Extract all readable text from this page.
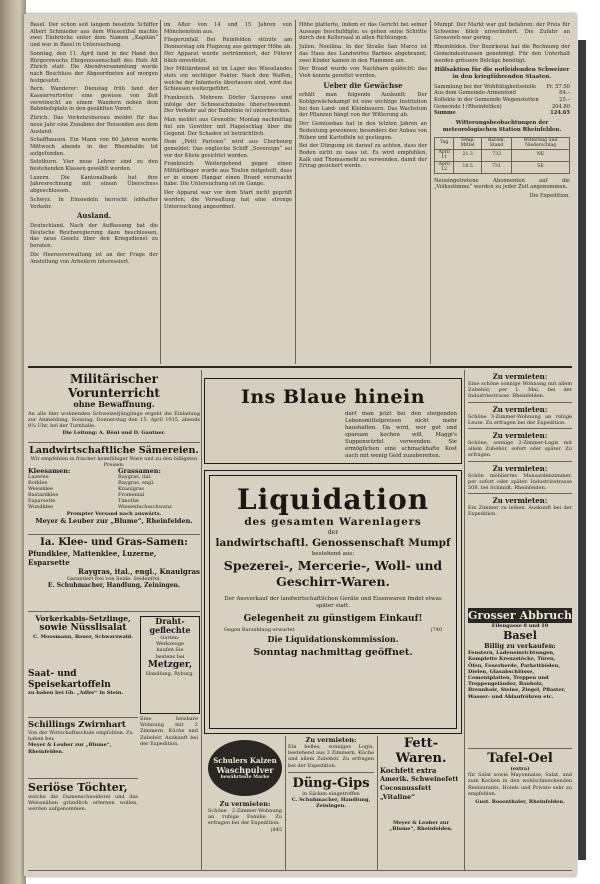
Basel. Der schon seit langem besetzte Schiffer Albert Schmieder aus dem Wiesenthal machte zwei Einbrüche unter dem Namen „Kapitän“ und war in Basel in Untersuchung.

Sonntag, den 11. April fand in der Hand des Bürgerzwuchs Ehrgenossenschaft des Hofs Alt Zürich statt. Die Abendversammlung wurde nach Beschluss der Abgeordneten auf morgen festgesetzt.

Bern. Wanderer: Dienstag früh fand der Kassiervertreter eine gewisse von Zeit verwünscht an einem Wandern neben dem Bahnhofsplatz in den gezählten Vorort.

Zürich. Das Verkehrsbureau meldet für das neue Jahr eine Zunahme der Reisenden aus dem Ausland.

Schaffhausen. Ein Mann von 60 Jahren wurde Mittwoch abends in der Rheinhalde tot aufgefunden.

Solothurn. Vier neue Lehrer sind zu den bestehenden Klassen gewählt worden.

Luzern. Die Kantonalbank hat ihre Jahresrechnung mit einem Überschuss abgeschlossen.

Schwyz. In Einsiedeln herrscht lebhafter Verkehr.

Ausland.

Deutschland. Nach der Auffassung hat die Deutsche Reichsregierung dazu beschlossen, das neue Gesetz über den Kriegsdienst zu beraten.

Die Heeresverwaltung ist an der Frage der Anstellung von Arbeitern interessiert.

im Alter von 14 und 15 Jahren von Mönchenstein aus.

Fliegerunfall. Bei Reinfelden stürzte am Donnerstag ein Flugzeug aus geringer Höhe ab. Der Apparat wurde zertrümmert, der Führer blieb unverletzt.

Der Militärdienst ist im Lager des Wieselandes stets ein wichtiger Faktor. Nach den Waffen, welche der Infanterie überlassen sind, wird das Schiessen weitergeführt.

Frankreich. Mehrere Dörfer Savoyens sind infolge der Schneeschmelze überschwemmt. Der Verkehr auf der Bahnlinie ist unterbrochen.

Man meldet aus Grenoble: Montag nachmittag fiel ein Gewitter mit Hagelschlag über die Gegend. Der Schaden ist beträchtlich.

Dem „Petit Parisien“ wird aus Cherbourg gemeldet: Das englische Schiff „Sovereign“ sei vor der Küste gesichtet worden.

Frankreich. Weitergehend gegen einen Militärflieger wurde aus Toulon mitgeteilt, dass er in einem Hangar einen Brand verursacht habe. Die Untersuchung ist im Gange.

Der Apparat war vor dem Start nicht geprüft worden; die Verwaltung hat eine strenge Untersuchung angeordnet.

Höhe platterte, indem er das Gericht bei seiner Aussage beschuldigte; es gehen seine Schritte durch den Kellersaal in allen Richtungen.

Julien. Noellina. In der Straße San Marco ist das Haus des Landwirtes Barbeis abgebrannt; zwei Kinder kamen in den Flammen um.

Der Brand wurde von Nachbarn gelöscht; das Vieh konnte gerettet werden.

Ueber die Gewächse

erhält man folgende Auskunft: Der Kohlgewächskampf ist eine wichtige Institution bei den Land- und Kleinbauern. Das Wachstum der Pflanzen hängt von der Witterung ab.

Der Gemüsebau hat in den letzten Jahren an Bedeutung gewonnen; besonders der Anbau von Rüben und Kartoffeln ist gestiegen.

Bei der Düngung ist darauf zu achten, dass der Boden nicht zu nass ist. Es wird empfohlen, Kalk und Thomasmehl zu verwenden, damit der Ertrag gesichert werde.

Mumpf. Der Markt war gut befahren; der Preis für Schweine blieb unverändert. Die Zufuhr an Grossvieh war gering.

Rheinfelden. Der Bezirksrat hat die Rechnung der Gemeindestrassen genehmigt. Für den Unterhalt werden grössere Beträge benötigt.

Hilfsaktion für die notleidenden Schweizer in den kriegführenden Staaten.
Sammlung bei der Wohltätigkeitsstelle Fr. 57.50
Aus dem Gemeinde-Armenfond	84.–
Kollekte in der Gemeinde Wegenstetten	25.–
Gemeinde I (Rheinfelden)	204.80
Summe	124.65
Witterungsbeobachtungen der meteorologischen Station Rheinfelden.
Tag	Temp. Mittel	Barom. Stand	Witterung und Niederschlag
April 11	21.3	733	NE
April 12	18.5	731	SE

Neueingetretene Abonnenten auf die „Volksstimme“ werden zu jeder Zeit angenommen.

Die Expedition.

Militärischer Vorunterricht
ohne Bewaffnung.
An alle hier wohnenden Schweizerjünglinge ergeht die Einladung zur Anmeldung. Sonntag, Donnerstag den 15. April 1915, abends 8¼ Uhr, bei der Turnhalle.
Die Leitung: A. Böni und D. Gautner.
Landwirtschaftliche Sämereien.
Wir empfehlen in frischer keimfähiger Ware und zu den billigsten Preisen:
Kleesamen:
Luzerne
Rotklee
Weissklee
Bastardklee
Esparsette
Wundklee
Grassamen:
Raygras, ital.
Raygras, engl.
Knaulgras
Fromental
Timothe
Wiesenfuchsschwanz
Prompter Versand nach auswärts.
Meyer & Leuber zur „Blume“, Rheinfelden.
Ia. Klee- und Gras-Samen:
Pfundklee, Mattenklee, Luzerne, Esparsette
Raygras, ital., engl., Knaulgras
Garantiert frei von Seide. Seidenfrei.
E. Schuhmacher, Handlung, Zeiningen.
Vorkerkabis-Setzlinge,
sowie Nüsslisalat
C. Moosmann, Bauer, Schwarzwald.
Draht-geflechte
Garten-
Werkzeuge
kaufen Sie
bestens bei
Metzger,
Handlung, Ryburg.
Saat- und Speisekartoffeln
zu haben bei Gb. „Adler“ in Stein.
Schillings Zwirnhart
Von der Wirtschaftsschule empfohlen. Zu haben bei:
Meyer & Leuber zur „Blume“, Rheinfelden.
Seriöse Töchter,
welche die Damenschneiderei und das Weissnähen gründlich erlernen wollen, werden aufgenommen.
Eine heizbare Wohnung mit 2 Zimmern, Küche und Zubehör. Auskunft bei der Expedition.
Ins Blaue hinein
darf man jetzt bei den steigenden Lebensmittelpreisen nicht mehr haushalten. Da wird, wer gut und sparsam kochen will, Maggi's Suppenwürfel verwenden. Sie ermöglichen eine schmackhafte Kost auch mit wenig Geld zuzubereiten.
Liquidation
des gesamten Warenlagers
der
landwirtschaftl. Genossenschaft Mumpf
bestehend aus:
Spezerei-, Mercerie-, Woll- und Geschirr-Waren.
Der Ausverkauf der landwirtschaftlichen Geräte und Eisenwaren findet etwas später statt.
Gelegenheit zu günstigem Einkauf!
Gegen Barzahlung erwartet	(740
Die Liquidationskommission.
Sonntag nachmittag geöffnet.
Schulers Kalzen
Waschpulver
bewährteste Marke
Zu vermieten:
Schöne 2-Zimmer-Wohnung an ruhige Familie. Zu erfragen bei der Expedition.
(845
Zu vermieten:
Ein helles, sonniges Logis, bestehend aus 3 Zimmern, Küche und allem Zubehör. Zu erfragen bei der Expedition.
Düng-Gips
in Säcken eingetroffen
C. Schuhmacher, Handlung, Zeiningen.
Fett-Waren.
Kochfett extra
Amerik. Schweinefett
Cocosnussfett „Vitaline“
Meyer & Leuber zur „Blume“, Rheinfelden.
Zu vermieten:
Eine schöne sonnige Wohnung mit allem Zubehör, per 1. Mai, bei der Industriestrasse. Rheinfelden.
Zu vermieten:
Schöne 3-Zimmer-Wohnung an ruhige Leute. Zu erfragen bei der Expedition.
Zu vermieten:
Schöne, sonnige 2-Zimmer-Logis mit allem Zubehör, sofort oder später. Zu erfragen.
Zu vermieten:
Schön möbliertes Mansardenzimmer, per sofort oder später. Industriestrasse 508, bei Schmidt, Rheinfelden.
Zu vermieten:
Ein Zimmer zu leihen. Auskunft bei der Expedition.
Grosser Abbruch
Eilengasse 8 und 10
Basel
Billig zu verkaufen:
Fenstern, Ladeneinrichtungen, Komplette Kreuzstöcke, Türen, Öfen, Feuerherde, Parkettböden, Dielen, Glasabschlüsse, Cementplatten, Treppen und Treppengeländer, Bauholz, Brennholz, Steine, Ziegel, Pflaster, Wasser- und Ablaufröhren etc.
Tafel-Oel
(extra)
für Salat sowie Mayonnaise, Salat, und zum Kochen in den wohlschmeckenden Restaurants, Hotels und Private sehr zu empfehlen.
Gust. Rosenthaler, Rheinfelden.
